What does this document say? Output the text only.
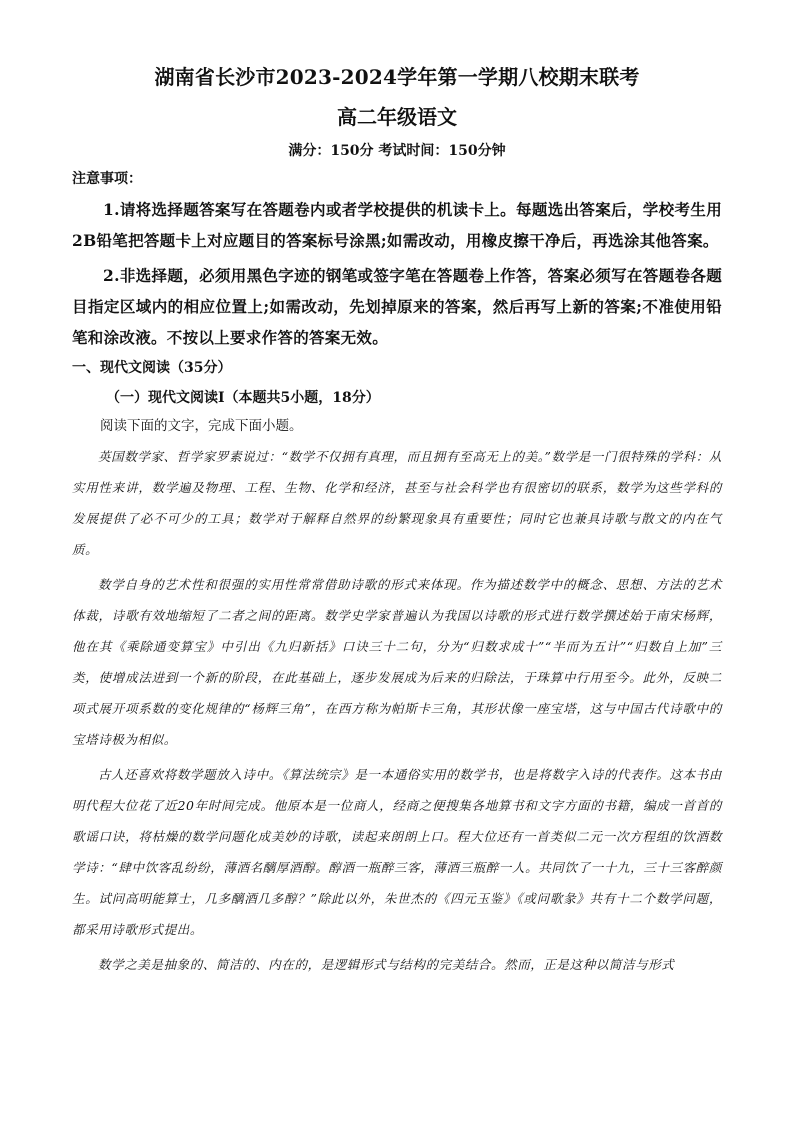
湖南省长沙市2023-2024学年第一学期八校期末联考
高二年级语文

满分：150分 考试时间：150分钟

注意事项：

1.请将选择题答案写在答题卷内或者学校提供的机读卡上。每题选出答案后，学校考生用2B铅笔把答题卡上对应题目的答案标号涂黑;如需改动，用橡皮擦干净后，再选涂其他答案。

2.非选择题，必须用黑色字迹的钢笔或签字笔在答题卷上作答，答案必须写在答题卷各题目指定区域内的相应位置上;如需改动，先划掉原来的答案，然后再写上新的答案;不准使用铅笔和涂改液。不按以上要求作答的答案无效。

一、现代文阅读（35分）

（一）现代文阅读Ⅰ（本题共5小题，18分）

阅读下面的文字，完成下面小题。

英国数学家、哲学家罗素说过：“数学不仅拥有真理，而且拥有至高无上的美。”数学是一门很特殊的学科：从实用性来讲，数学遍及物理、工程、生物、化学和经济，甚至与社会科学也有很密切的联系，数学为这些学科的发展提供了必不可少的工具；数学对于解释自然界的纷繁现象具有重要性；同时它也兼具诗歌与散文的内在气质。

数学自身的艺术性和很强的实用性常常借助诗歌的形式来体现。作为描述数学中的概念、思想、方法的艺术体裁，诗歌有效地缩短了二者之间的距离。数学史学家普遍认为我国以诗歌的形式进行数学撰述始于南宋杨辉，他在其《乘除通变算宝》中引出《九归新括》口诀三十二句，分为“归数求成十”“半而为五计”“归数自上加”三类，使增成法进到一个新的阶段，在此基础上，逐步发展成为后来的归除法，于珠算中行用至今。此外，反映二项式展开项系数的变化规律的“杨辉三角”，在西方称为帕斯卡三角，其形状像一座宝塔，这与中国古代诗歌中的宝塔诗极为相似。

古人还喜欢将数学题放入诗中。《算法统宗》是一本通俗实用的数学书，也是将数字入诗的代表作。这本书由明代程大位花了近20年时间完成。他原本是一位商人，经商之便搜集各地算书和文字方面的书籍，编成一首首的歌谣口诀，将枯燥的数学问题化成美妙的诗歌，读起来朗朗上口。程大位还有一首类似二元一次方程组的饮酒数学诗：“肆中饮客乱纷纷，薄酒名醨厚酒醇。醇酒一瓶醉三客，薄酒三瓶醉一人。共同饮了一十九，三十三客醉颜生。试问高明能算士，几多醨酒几多醇？”除此以外，朱世杰的《四元玉鉴》《或问歌彖》共有十二个数学问题，都采用诗歌形式提出。

数学之美是抽象的、简洁的、内在的，是逻辑形式与结构的完美结合。然而，正是这种以简洁与形式
